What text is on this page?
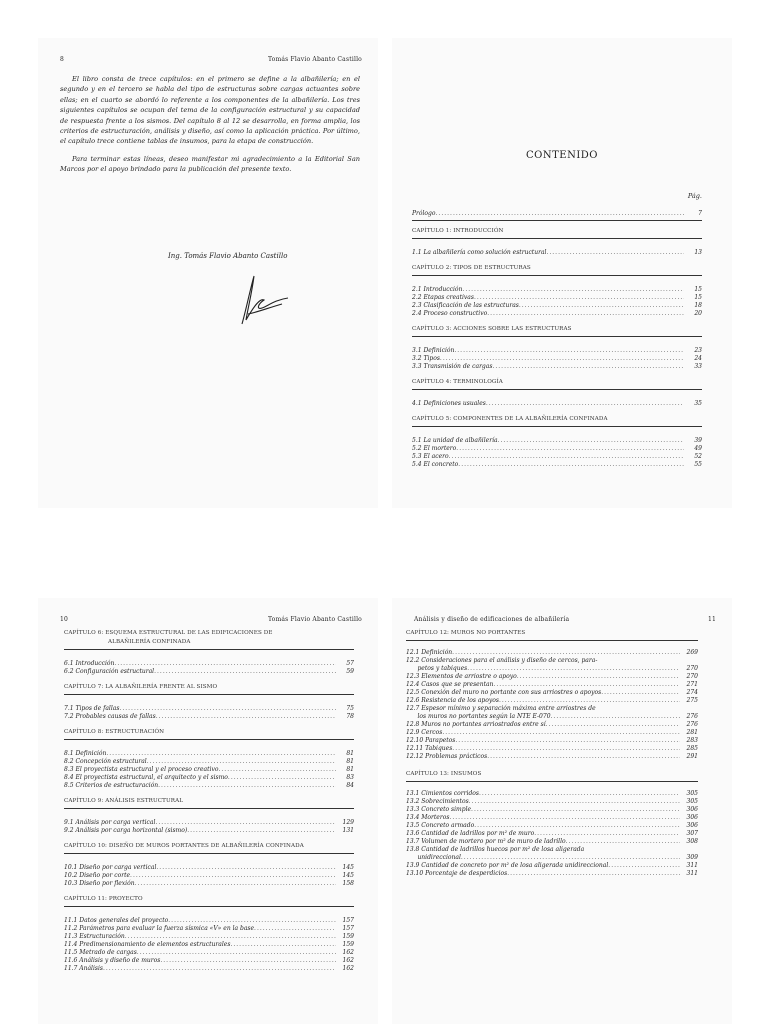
8	Tomás Flavio Abanto Castillo

El libro consta de trece capítulos: en el primero se define a la albañilería; en el segundo y en el tercero se habla del tipo de estructuras sobre cargas actuantes sobre ellas; en el cuarto se abordó lo referente a los componentes de la albañilería. Los tres siguientes capítulos se ocupan del tema de la configuración estructural y su capacidad de respuesta frente a los sismos. Del capítulo 8 al 12 se desarrolla, en forma amplia, los criterios de estructuración, análisis y diseño, así como la aplicación práctica. Por último, el capítulo trece contiene tablas de insumos, para la etapa de construcción.

Para terminar estas líneas, deseo manifestar mi agradecimiento a la Editorial San Marcos por el apoyo brindado para la publicación del presente texto.

Ing. Tomás Flavio Abanto Castillo
CONTENIDO
Pág.
Prólogo .....	7
CAPÍTULO 1: INTRODUCCIÓN
1.1 La albañilería como solución estructural .....	13
CAPÍTULO 2: TIPOS DE ESTRUCTURAS
2.1 Introducción .....	15
2.2 Etapas creativas .....	15
2.3 Clasificación de las estructuras .....	18
2.4 Proceso constructivo .....	20
CAPÍTULO 3: ACCIONES SOBRE LAS ESTRUCTURAS
3.1 Definición .....	23
3.2 Tipos .....	24
3.3 Transmisión de cargas .....	33
CAPÍTULO 4: TERMINOLOGÍA
4.1 Definiciones usuales .....	35
CAPÍTULO 5: COMPONENTES DE LA ALBAÑILERÍA CONFINADA
5.1 La unidad de albañilería .....	39
5.2 El mortero .....	49
5.3 El acero .....	52
5.4 El concreto .....	55
10	Tomás Flavio Abanto Castillo
CAPÍTULO 6: ESQUEMA ESTRUCTURAL DE LAS EDIFICACIONES DE
ALBAÑILERÍA CONFINADA
6.1 Introducción .....	57
6.2 Configuración estructural .....	59
CAPÍTULO 7: LA ALBAÑILERÍA FRENTE AL SISMO
7.1 Tipos de fallas .....	75
7.2 Probables causas de fallas .....	78
CAPÍTULO 8: ESTRUCTURACIÓN
8.1 Definición .....	81
8.2 Concepción estructural .....	81
8.3 El proyectista estructural y el proceso creativo .....	81
8.4 El proyectista estructural, el arquitecto y el sismo .....	83
8.5 Criterios de estructuración .....	84
CAPÍTULO 9: ANÁLISIS ESTRUCTURAL
9.1 Análisis por carga vertical .....	129
9.2 Análisis por carga horizontal (sismo) .....	131
CAPÍTULO 10: DISEÑO DE MUROS PORTANTES DE ALBAÑILERÍA CONFINADA
10.1 Diseño por carga vertical .....	145
10.2 Diseño por corte .....	145
10.3 Diseño por flexión .....	158
CAPÍTULO 11: PROYECTO
11.1 Datos generales del proyecto .....	157
11.2 Parámetros para evaluar la fuerza sísmica «V» en la base .....	157
11.3 Estructuración .....	159
11.4 Predimensionamiento de elementos estructurales .....	159
11.5 Metrado de cargas .....	162
11.6 Análisis y diseño de muros .....	162
11.7 Análisis .....	162
Análisis y diseño de edificaciones de albañilería	11
CAPÍTULO 12: MUROS NO PORTANTES
12.1 Definición .....	269
12.2 Consideraciones para el análisis y diseño de cercos, para-
petos y tabiques .....	270
12.3 Elementos de arriostre o apoyo .....	270
12.4 Casos que se presentan .....	271
12.5 Conexión del muro no portante con sus arriostres o apoyos .....	274
12.6 Resistencia de los apoyos .....	275
12.7 Espesor mínimo y separación máxima entre arriostres de
los muros no portantes según la NTE E-070 .....	276
12.8 Muros no portantes arriostrados entre sí .....	276
12.9 Cercos .....	281
12.10 Parapetos .....	283
12.11 Tabiques .....	285
12.12 Problemas prácticos .....	291
CAPÍTULO 13: INSUMOS
13.1 Cimientos corridos .....	305
13.2 Sobrecimientos .....	305
13.3 Concreto simple .....	306
13.4 Morteros .....	306
13.5 Concreto armado .....	306
13.6 Cantidad de ladrillos por m² de muro .....	307
13.7 Volumen de mortero por m² de muro de ladrillo .....	308
13.8 Cantidad de ladrillos huecos por m² de losa aligerada
unidireccional .....	309
13.9 Cantidad de concreto por m² de losa aligerada unidireccional .....	311
13.10 Porcentaje de desperdicios .....	311
